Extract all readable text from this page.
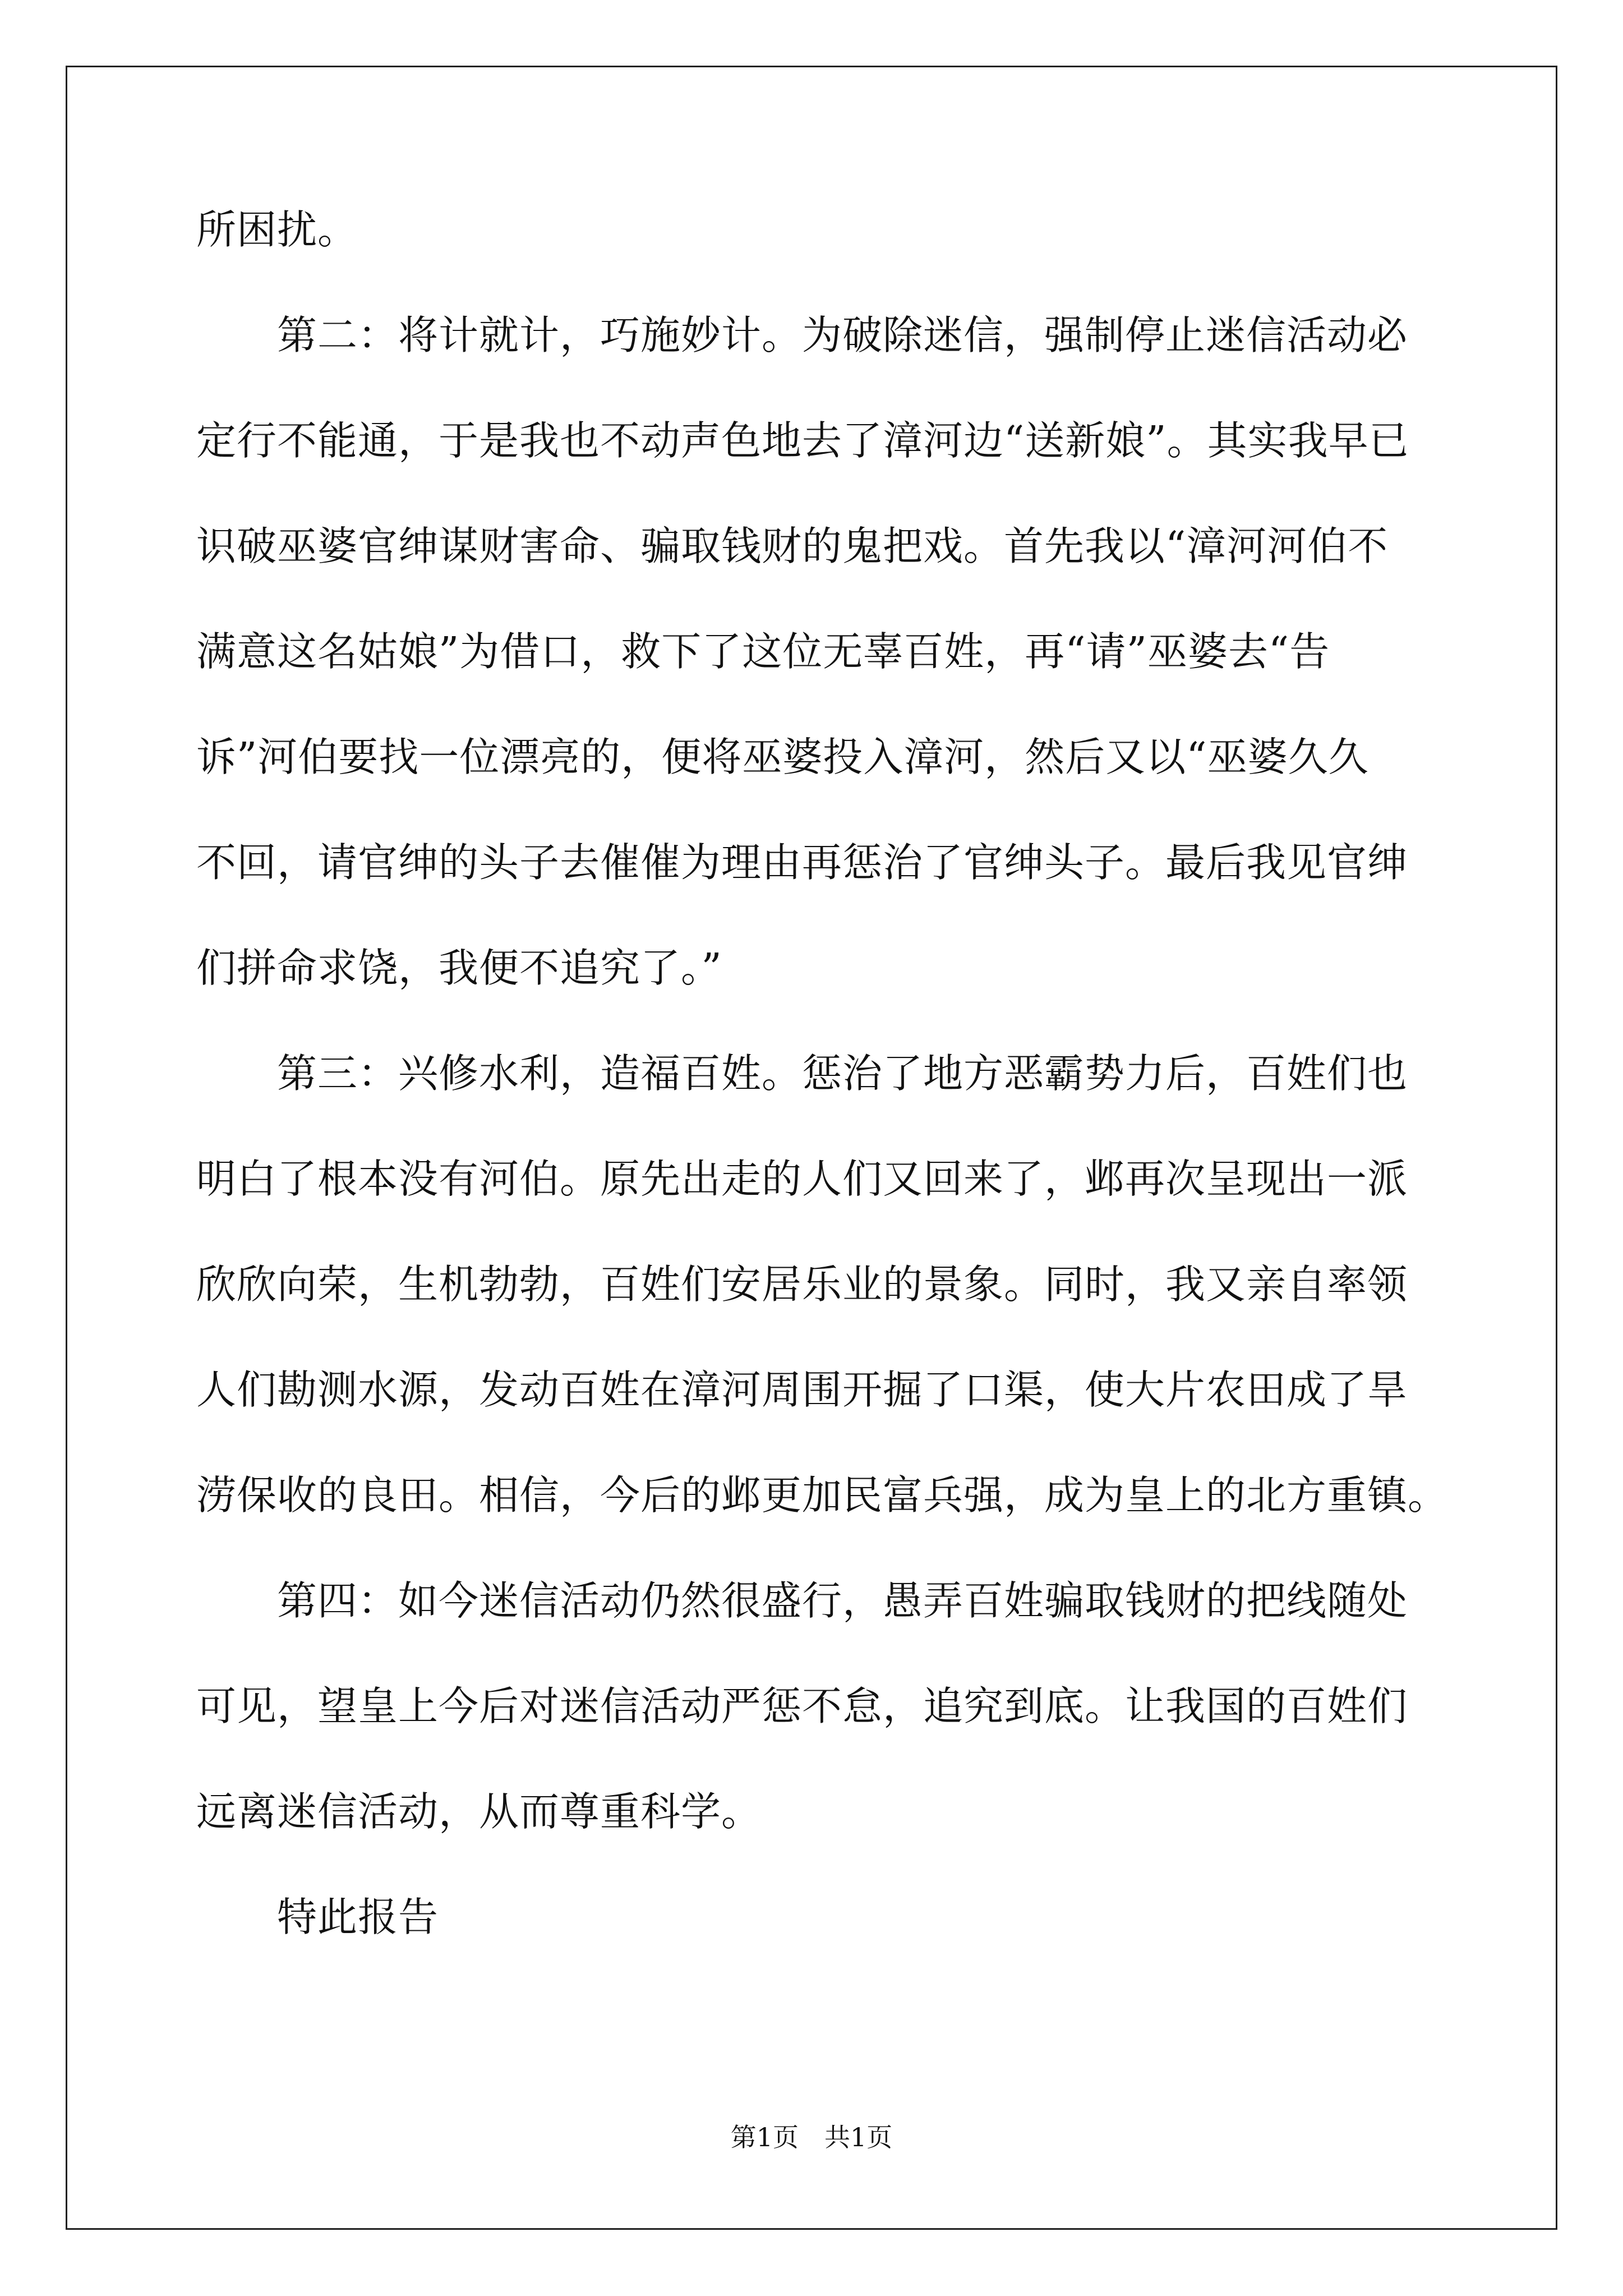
所困扰。
第二：将计就计，巧施妙计。为破除迷信，强制停止迷信活动必
定行不能通，于是我也不动声色地去了漳河边“送新娘”。其实我早已
识破巫婆官绅谋财害命、骗取钱财的鬼把戏。首先我以“漳河河伯不
满意这名姑娘”为借口，救下了这位无辜百姓，再“请”巫婆去“告
诉”河伯要找一位漂亮的，便将巫婆投入漳河，然后又以“巫婆久久
不回，请官绅的头子去催催为理由再惩治了官绅头子。最后我见官绅
们拼命求饶，我便不追究了。”
第三：兴修水利，造福百姓。惩治了地方恶霸势力后，百姓们也
明白了根本没有河伯。原先出走的人们又回来了，邺再次呈现出一派
欣欣向荣，生机勃勃，百姓们安居乐业的景象。同时，我又亲自率领
人们勘测水源，发动百姓在漳河周围开掘了口渠，使大片农田成了旱
涝保收的良田。相信，今后的邺更加民富兵强，成为皇上的北方重镇。
第四：如今迷信活动仍然很盛行，愚弄百姓骗取钱财的把线随处
可见，望皇上今后对迷信活动严惩不怠，追究到底。让我国的百姓们
远离迷信活动，从而尊重科学。
特此报告
第1页　共1页
